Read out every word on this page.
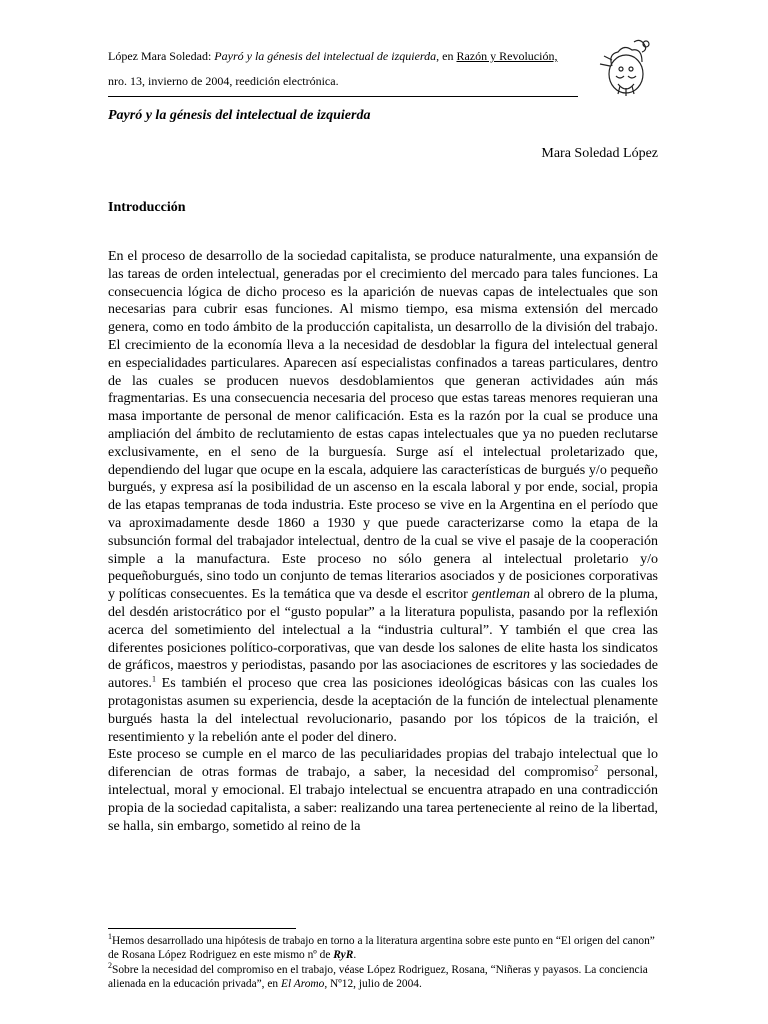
López Mara Soledad: Payró y la génesis del intelectual de izquierda, en Razón y Revolución, nro. 13, invierno de 2004, reedición electrónica.
Payró y la génesis del intelectual de izquierda
Mara Soledad López
Introducción

En el proceso de desarrollo de la sociedad capitalista, se produce naturalmente, una expansión de las tareas de orden intelectual, generadas por el crecimiento del mercado para tales funciones. La consecuencia lógica de dicho proceso es la aparición de nuevas capas de intelectuales que son necesarias para cubrir esas funciones. Al mismo tiempo, esa misma extensión del mercado genera, como en todo ámbito de la producción capitalista, un desarrollo de la división del trabajo. El crecimiento de la economía lleva a la necesidad de desdoblar la figura del intelectual general en especialidades particulares. Aparecen así especialistas confinados a tareas particulares, dentro de las cuales se producen nuevos desdoblamientos que generan actividades aún más fragmentarias. Es una consecuencia necesaria del proceso que estas tareas menores requieran una masa importante de personal de menor calificación. Esta es la razón por la cual se produce una ampliación del ámbito de reclutamiento de estas capas intelectuales que ya no pueden reclutarse exclusivamente, en el seno de la burguesía. Surge así el intelectual proletarizado que, dependiendo del lugar que ocupe en la escala, adquiere las características de burgués y/o pequeño burgués, y expresa así la posibilidad de un ascenso en la escala laboral y por ende, social, propia de las etapas tempranas de toda industria. Este proceso se vive en la Argentina en el período que va aproximadamente desde 1860 a 1930 y que puede caracterizarse como la etapa de la subsunción formal del trabajador intelectual, dentro de la cual se vive el pasaje de la cooperación simple a la manufactura. Este proceso no sólo genera al intelectual proletario y/o pequeñoburgués, sino todo un conjunto de temas literarios asociados y de posiciones corporativas y políticas consecuentes. Es la temática que va desde el escritor gentleman al obrero de la pluma, del desdén aristocrático por el “gusto popular” a la literatura populista, pasando por la reflexión acerca del sometimiento del intelectual a la “industria cultural”. Y también el que crea las diferentes posiciones político-corporativas, que van desde los salones de elite hasta los sindicatos de gráficos, maestros y periodistas, pasando por las asociaciones de escritores y las sociedades de autores.$^1$ Es también el proceso que crea las posiciones ideológicas básicas con las cuales los protagonistas asumen su experiencia, desde la aceptación de la función de intelectual plenamente burgués hasta la del intelectual revolucionario, pasando por los tópicos de la traición, el resentimiento y la rebelión ante el poder del dinero.

Este proceso se cumple en el marco de las peculiaridades propias del trabajo intelectual que lo diferencian de otras formas de trabajo, a saber, la necesidad del compromiso$^2$ personal, intelectual, moral y emocional. El trabajo intelectual se encuentra atrapado en una contradicción propia de la sociedad capitalista, a saber: realizando una tarea perteneciente al reino de la libertad, se halla, sin embargo, sometido al reino de la

$^1$Hemos desarrollado una hipótesis de trabajo en torno a la literatura argentina sobre este punto en “El origen del canon” de Rosana López Rodriguez en este mismo nº de RyR.

$^2$Sobre la necesidad del compromiso en el trabajo, véase López Rodriguez, Rosana, “Niñeras y payasos. La conciencia alienada en la educación privada”, en El Aromo, Nº12, julio de 2004.
